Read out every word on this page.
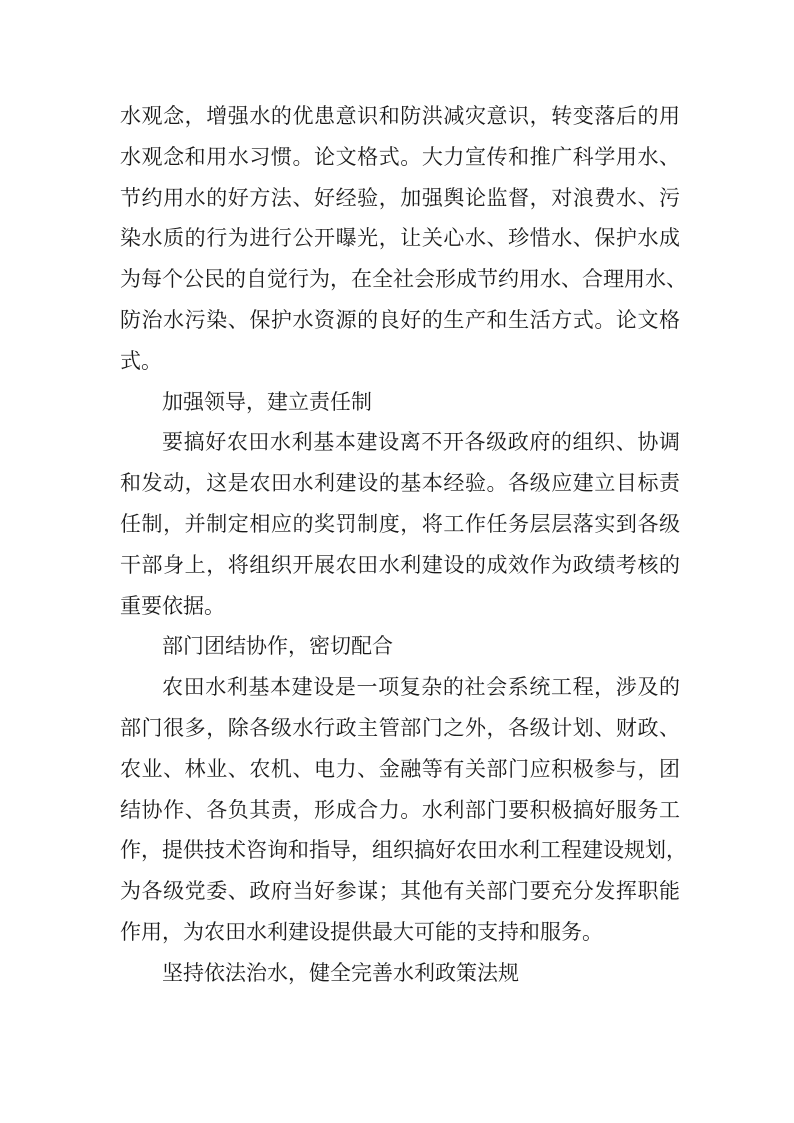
水观念，增强水的优患意识和防洪减灾意识，转变落后的用
水观念和用水习惯。论文格式。大力宣传和推广科学用水、
节约用水的好方法、好经验，加强舆论监督，对浪费水、污
染水质的行为进行公开曝光，让关心水、珍惜水、保护水成
为每个公民的自觉行为，在全社会形成节约用水、合理用水、
防治水污染、保护水资源的良好的生产和生活方式。论文格
式。
加强领导，建立责任制
要搞好农田水利基本建设离不开各级政府的组织、协调
和发动，这是农田水利建设的基本经验。各级应建立目标责
任制，并制定相应的奖罚制度，将工作任务层层落实到各级
干部身上，将组织开展农田水利建设的成效作为政绩考核的
重要依据。
部门团结协作，密切配合
农田水利基本建设是一项复杂的社会系统工程，涉及的
部门很多，除各级水行政主管部门之外，各级计划、财政、
农业、林业、农机、电力、金融等有关部门应积极参与，团
结协作、各负其责，形成合力。水利部门要积极搞好服务工
作，提供技术咨询和指导，组织搞好农田水利工程建设规划，
为各级党委、政府当好参谋；其他有关部门要充分发挥职能
作用，为农田水利建设提供最大可能的支持和服务。
坚持依法治水，健全完善水利政策法规
